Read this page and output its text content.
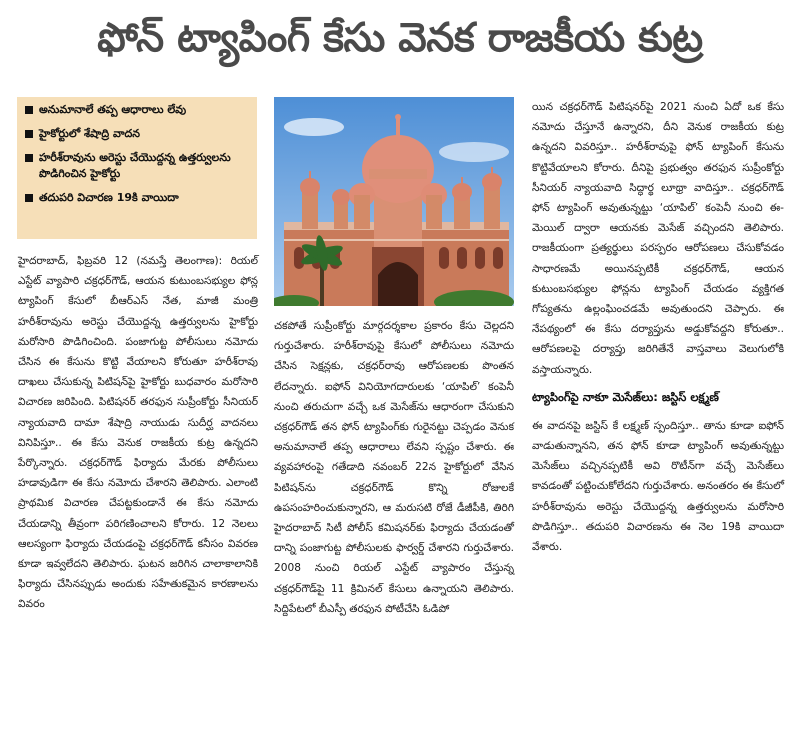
ఫోన్ ట్యాపింగ్ కేసు వెనక రాజకీయ కుట్ర
అనుమానాలే తప్ప ఆధారాలు లేవు
హైకోర్టులో శేషాద్రి వాదన
హరీశ్‌రావును అరెస్టు చేయొద్దన్న ఉత్తర్వులను పొడిగించిన హైకోర్టు
తదుపరి విచారణ 19కి వాయిదా

హైదరాబాద్, ఫిబ్రవరి 12 (నమస్తే తెలంగాణ): రియల్ ఎస్టేట్ వ్యాపారి చక్రధర్‌గౌడ్, ఆయన కుటుంబసభ్యుల ఫోన్ల ట్యాపింగ్ కేసులో బీఆర్‌ఎస్ నేత, మాజీ మంత్రి హరీశ్‌రావును అరెస్టు చేయొద్దన్న ఉత్తర్వులను హైకోర్టు మరోసారి పొడిగించింది. పంజాగుట్ట పోలీసులు నమోదు చేసిన ఈ కేసును కొట్టి వేయాలని కోరుతూ హరీశ్‌రావు దాఖలు చేసుకున్న పిటిషన్‌పై హైకోర్టు బుధవారం మరోసారి విచారణ జరిపింది. పిటిషనర్ తరఫున సుప్రీంకోర్టు సీనియర్ న్యాయవాది దామా శేషాద్రి నాయుడు సుదీర్ఘ వాదనలు వినిపిస్తూ.. ఈ కేసు వెనుక రాజకీయ కుట్ర ఉన్నదని పేర్కొన్నారు. చక్రధర్‌గౌడ్ ఫిర్యాదు మేరకు పోలీసులు హడావుడిగా ఈ కేసు నమోదు చేశారని తెలిపారు. ఎలాంటి ప్రాథమిక విచారణ చేపట్టకుండానే ఈ కేసు నమోదు చేయడాన్ని తీవ్రంగా పరిగణించాలని కోరారు. 12 నెలలు ఆలస్యంగా ఫిర్యాదు చేయడంపై చక్రధర్‌గౌడ్ కనీసం వివరణ కూడా ఇవ్వలేదని తెలిపారు. ఘటన జరిగిన చాలాకాలానికి ఫిర్యాదు చేసినప్పుడు అందుకు సహేతుకమైన కారణాలను వివరం

చకపోతే సుప్రీంకోర్టు మార్గదర్శకాల ప్రకారం కేసు చెల్లదని గుర్తుచేశారు. హరీశ్‌రావుపై కేసులో పోలీసులు నమోదు చేసిన సెక్షన్లకు, చక్రధర్‌రావు ఆరోపణలకు పొంతన లేదన్నారు. ఐఫోన్ వినియోగదారులకు ‘యాపిల్’ కంపెనీ నుంచి తరుచుగా వచ్చే ఒక మెసేజ్‌ను ఆధారంగా చేసుకుని చక్రధర్‌గౌడ్ తన ఫోన్ ట్యాపింగ్‌కు గురైనట్టు చెప్పడం వెనుక అనుమానాలే తప్ప ఆధారాలు లేవని స్పష్టం చేశారు. ఈ వ్యవహారంపై గతేడాది నవంబర్ 22న హైకోర్టులో వేసిన పిటిషన్‌ను చక్రధర్‌గౌడ్ కొన్ని రోజులకే ఉపసంహరించుకున్నారని, ఆ మరుసటి రోజే డీజీపీకి, తిరిగి హైదరాబాద్ సిటీ పోలీస్ కమిషనర్‌కు ఫిర్యాదు చేయడంతో దాన్ని పంజాగుట్ట పోలీసులకు ఫార్వర్డ్ చేశారని గుర్తుచేశారు. 2008 నుంచి రియల్ ఎస్టేట్ వ్యాపారం చేస్తున్న చక్రధర్‌గౌడ్‌పై 11 క్రిమినల్ కేసులు ఉన్నాయని తెలిపారు. సిద్దిపేటలో బీఎస్పీ తరఫున పోటీచేసి ఓడిపో

యిన చక్రధర్‌గౌడ్ పిటిషనర్‌పై 2021 నుంచి ఏదో ఒక కేసు నమోదు చేస్తూనే ఉన్నారని, దీని వెనుక రాజకీయ కుట్ర ఉన్నదని వివరిస్తూ.. హరీశ్‌రావుపై ఫోన్ ట్యాపింగ్ కేసును కొట్టివేయాలని కోరారు. దీనిపై ప్రభుత్వం తరఫున సుప్రీంకోర్టు సీనియర్ న్యాయవాది సిద్ధార్థ లూథ్రా వాదిస్తూ.. చక్రధర్‌గౌడ్ ఫోన్ ట్యాపింగ్ అవుతున్నట్టు ‘యాపిల్’ కంపెనీ నుంచి ఈ-మెయిల్ ద్వారా ఆయనకు మెసేజ్ వచ్చిందని తెలిపారు. రాజకీయంగా ప్రత్యర్థులు పరస్పరం ఆరోపణలు చేసుకోవడం సాధారణమే అయినప్పటికీ చక్రధర్‌గౌడ్, ఆయన కుటుంబసభ్యుల ఫోన్లను ట్యాపింగ్ చేయడం వ్యక్తిగత గోప్యతను ఉల్లంఘించడమే అవుతుందని చెప్పారు. ఈ నేపథ్యంలో ఈ కేసు దర్యాప్తును అడ్డుకోవద్దని కోరుతూ.. ఆరోపణలపై దర్యాప్తు జరిగితేనే వాస్తవాలు వెలుగులోకి వస్తాయన్నారు.

ట్యాపింగ్‌పై నాకూ మెసేజ్‌లు: జస్టిస్ లక్ష్మణ్

ఈ వాదనపై జస్టిస్ కే లక్ష్మణ్ స్పందిస్తూ.. తాను కూడా ఐఫోన్ వాడుతున్నానని, తన ఫోన్ కూడా ట్యాపింగ్ అవుతున్నట్టు మెసేజ్‌లు వచ్చినప్పటికీ అవి రొటీన్‌గా వచ్చే మెసేజ్‌లు కావడంతో పట్టించుకోలేదని గుర్తుచేశారు. అనంతరం ఈ కేసులో హరీశ్‌రావును అరెస్టు చేయొద్దన్న ఉత్తర్వులను మరోసారి పొడిగిస్తూ.. తదుపరి విచారణను ఈ నెల 19కి వాయిదా వేశారు.
